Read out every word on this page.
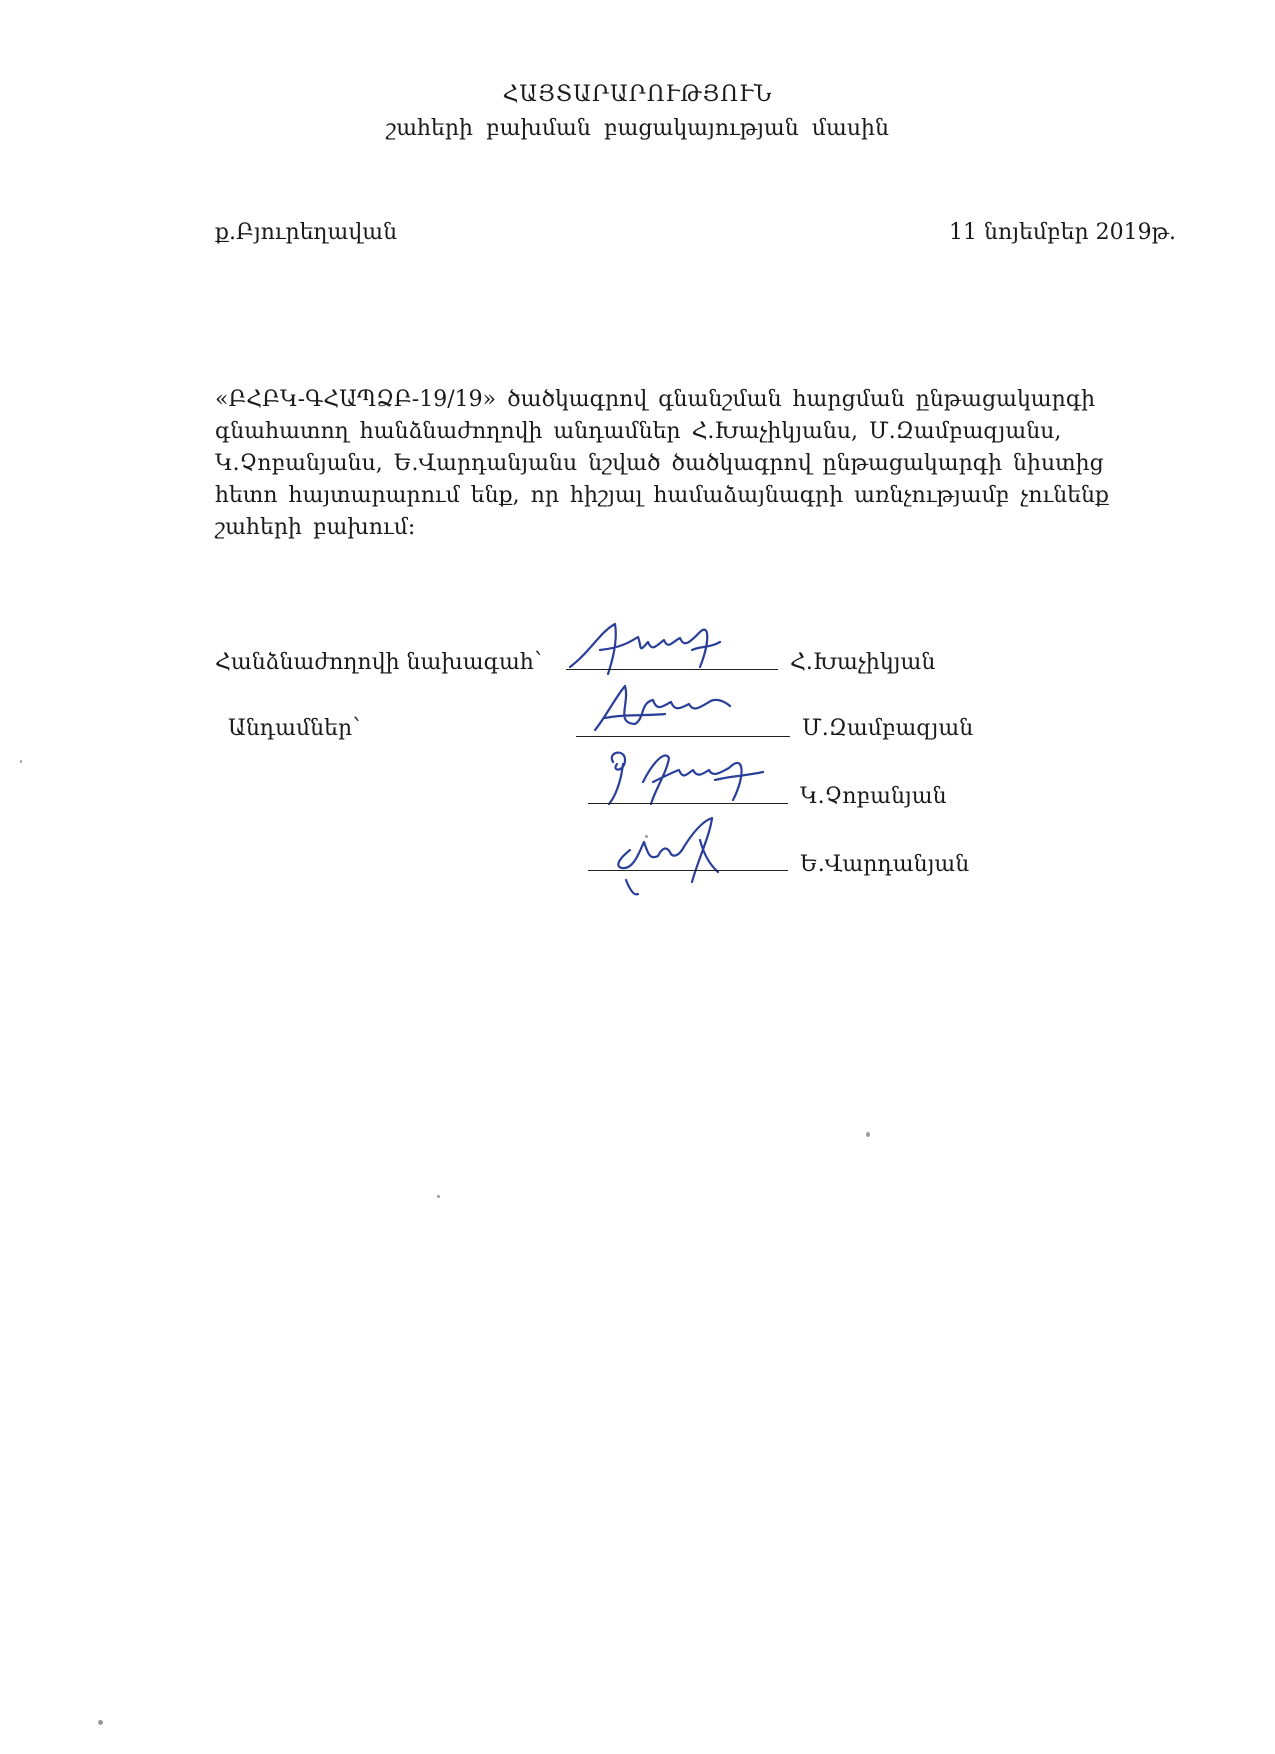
ՀԱՅՏԱՐԱՐՈՒԹՅՈՒՆ
շահերի բախման բացակայության մասին
ք.Բյուրեղավան	11 նոյեմբեր 2019թ.

«ԲՀԲԿ-ԳՀԱՊՁԲ-19/19» ծածկագրով գնանշման հարցման ընթացակարգի գնահատող հանձնաժողովի անդամներ Հ.Խաչիկյանս, Մ.Զամբազյանս, Կ.Չոբանյանս, Ե.Վարդանյանս նշված ծածկագրով ընթացակարգի նիստից հետո հայտարարում ենք, որ հիշյալ համաձայնագրի առնչությամբ չունենք շահերի բախում:

Հանձնաժողովի նախագահ՝
Անդամներ՝
Հ.Խաչիկյան
Մ.Զամբազյան
Կ.Չոբանյան
Ե.Վարդանյան
